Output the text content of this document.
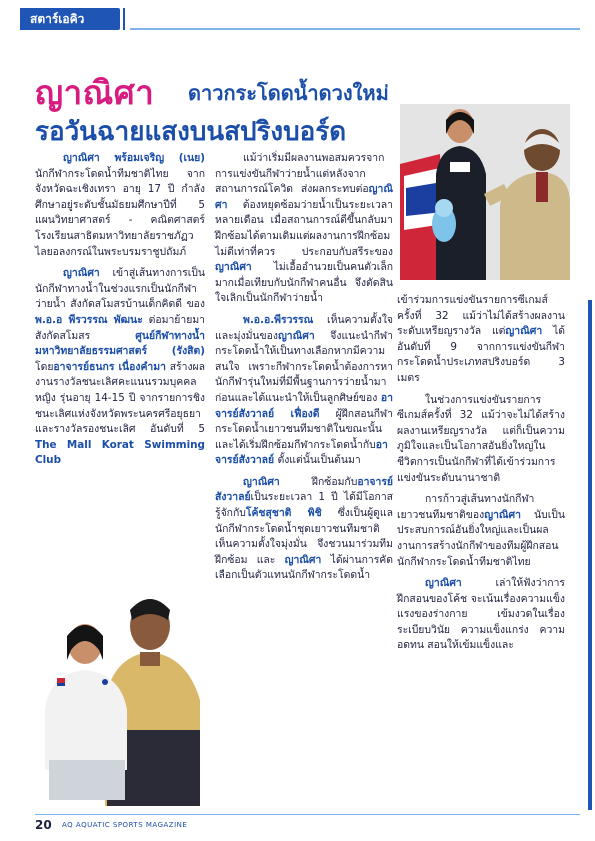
สตาร์เอคิว
ญาณิศา ดาวกระโดดน้ำดวงใหม่
รอวันฉายแสงบนสปริงบอร์ด

ญาณิศา พร้อมเจริญ (เนย) นักกีฬากระโดดน้ำทีมชาติไทย จากจังหวัดฉะเชิงเทรา อายุ 17 ปี กำลังศึกษาอยู่ระดับชั้นมัธยมศึกษาปีที่ 5 แผนวิทยาศาสตร์ - คณิตศาสตร์ โรงเรียนสาธิตมหาวิทยาลัยราชภัฏวไลยอลงกรณ์ในพระบรมราชูปถัมภ์

ญาณิศา เข้าสู่เส้นทางการเป็นนักกีฬาทางน้ำในช่วงแรกเป็นนักกีฬาว่ายน้ำ สังกัดสโมสรบ้านเด็กคิดดี ของ พ.อ.อ พีรวรรณ พัฒนะ ต่อมาย้ายมาสังกัดสโมสร ศูนย์กีฬาทางน้ำมหาวิทยาลัยธรรมศาสตร์ (รังสิต) โดยอาจารย์ธนกร เนื่องคำมา สร้างผลงานรางวัลชนะเลิศคะแนนรวมบุคคลหญิง รุ่นอายุ 14-15 ปี จากรายการชิงชนะเลิศแห่งจังหวัดพระนครศรีอยุธยา และรางวัลรองชนะเลิศ อันดับที่ 5 The Mall Korat Swimming Club

แม้ว่าเริ่มมีผลงานพอสมควรจากการแข่งขันกีฬาว่ายน้ำแต่หลังจากสถานการณ์โควิด ส่งผลกระทบต่อญาณิศา ต้องหยุดซ้อมว่ายน้ำเป็นระยะเวลาหลายเดือน เมื่อสถานการณ์ดีขึ้นกลับมาฝึกซ้อมได้ตามเดิมแต่ผลงานการฝึกซ้อมไม่ดีเท่าที่ควร ประกอบกับสรีระของ ญาณิศา ไม่เอื้ออำนวยเป็นคนตัวเล็กมากเมื่อเทียบกับนักกีฬาคนอื่น จึงตัดสินใจเลิกเป็นนักกีฬาว่ายน้ำ

พ.อ.อ.พีรวรรณ เห็นความตั้งใจและมุ่งมั่นของญาณิศา จึงแนะนำกีฬากระโดดน้ำให้เป็นทางเลือกหากมีความสนใจ เพราะกีฬากระโดดน้ำต้องการหานักกีฬารุ่นใหม่ที่มีพื้นฐานการว่ายน้ำมาก่อนและได้แนะนำให้เป็นลูกศิษย์ของ อาจารย์สังวาลย์ เฟื่องดี ผู้ฝึกสอนกีฬากระโดดน้ำเยาวชนทีมชาติในขณะนั้น และได้เริ่มฝึกซ้อมกีฬากระโดดน้ำกับอาจารย์สังวาลย์ ตั้งแต่นั้นเป็นต้นมา

ญาณิศา ฝึกซ้อมกับอาจารย์สังวาลย์เป็นระยะเวลา 1 ปี ได้มีโอกาสรู้จักกับโค้ชสุชาติ พิชิ ซึ่งเป็นผู้ดูแลนักกีฬากระโดดน้ำชุดเยาวชนทีมชาติ เห็นความตั้งใจมุ่งมั่น จึงชวนมาร่วมทีมฝึกซ้อม และ ญาณิศา ได้ผ่านการคัดเลือกเป็นตัวแทนนักกีฬากระโดดน้ำ

เข้าร่วมการแข่งขันรายการซีเกมส์ ครั้งที่ 32 แม้ว่าไม่ได้สร้างผลงานระดับเหรียญรางวัล แต่ญาณิศา ได้อันดับที่ 9 จากการแข่งขันกีฬากระโดดน้ำประเภทสปริงบอร์ด 3 เมตร

ในช่วงการแข่งขันรายการซีเกมส์ครั้งที่ 32 แม้ว่าจะไม่ได้สร้างผลงานเหรียญรางวัล แต่ก็เป็นความภูมิใจและเป็นโอกาสอันยิ่งใหญ่ในชีวิตการเป็นนักกีฬาที่ได้เข้าร่วมการแข่งขันระดับนานาชาติ

การก้าวสู่เส้นทางนักกีฬาเยาวชนทีมชาติของญาณิศา นับเป็นประสบการณ์อันยิ่งใหญ่และเป็นผลงานการสร้างนักกีฬาของทีมผู้ฝึกสอนนักกีฬากระโดดน้ำทีมชาติไทย

ญาณิศา เล่าให้ฟังว่าการฝึกสอนของโค้ช จะเน้นเรื่องความแข็งแรงของร่างกาย เข้มงวดในเรื่องระเบียบวินัย ความแข็งแกร่ง ความอดทน สอนให้เข้มแข็งและ

20 AQ AQUATIC SPORTS MAGAZINE
